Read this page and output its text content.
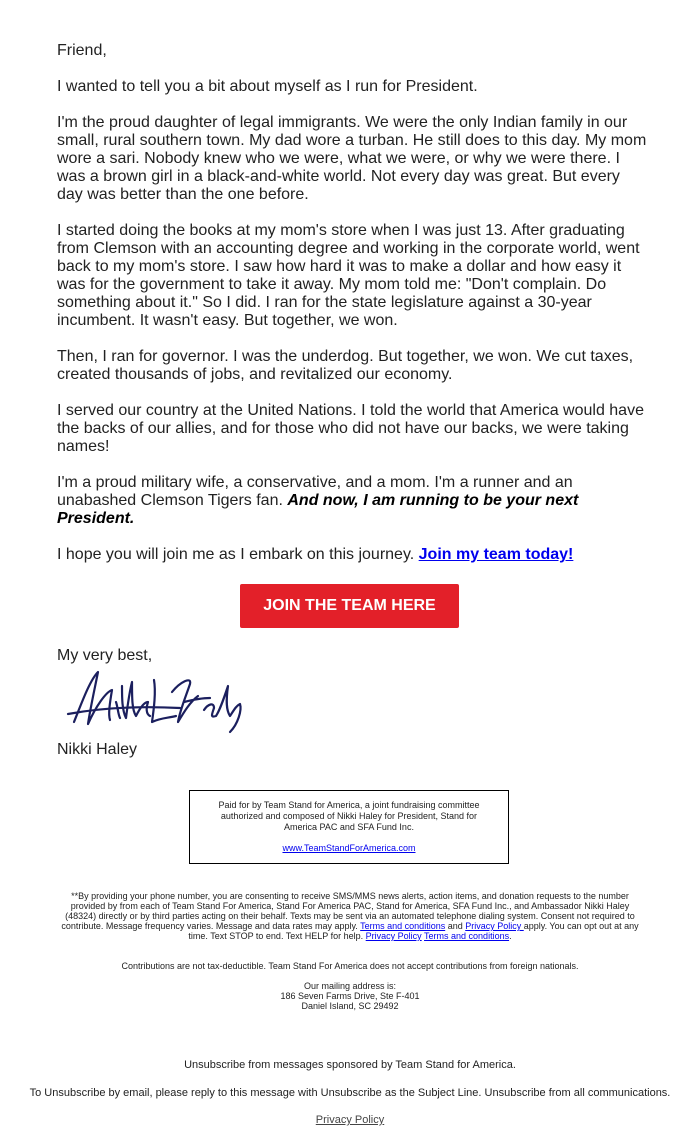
Friend,

I wanted to tell you a bit about myself as I run for President.

I'm the proud daughter of legal immigrants. We were the only Indian family in our small, rural southern town. My dad wore a turban. He still does to this day. My mom wore a sari. Nobody knew who we were, what we were, or why we were there. I was a brown girl in a black-and-white world. Not every day was great. But every day was better than the one before.

I started doing the books at my mom's store when I was just 13. After graduating from Clemson with an accounting degree and working in the corporate world, went back to my mom's store. I saw how hard it was to make a dollar and how easy it was for the government to take it away. My mom told me: "Don't complain. Do something about it." So I did. I ran for the state legislature against a 30-year incumbent. It wasn't easy. But together, we won.

Then, I ran for governor. I was the underdog. But together, we won. We cut taxes, created thousands of jobs, and revitalized our economy.

I served our country at the United Nations. I told the world that America would have the backs of our allies, and for those who did not have our backs, we were taking names!

I'm a proud military wife, a conservative, and a mom. I'm a runner and an unabashed Clemson Tigers fan. And now, I am running to be your next President.

I hope you will join me as I embark on this journey. Join my team today!

JOIN THE TEAM HERE
My very best,
Nikki Haley
Paid for by Team Stand for America, a joint fundraising committee authorized and composed of Nikki Haley for President, Stand for America PAC and SFA Fund Inc.
www.TeamStandForAmerica.com
**By providing your phone number, you are consenting to receive SMS/MMS news alerts, action items, and donation requests to the number provided by from each of Team Stand For America, Stand For America PAC, Stand for America, SFA Fund Inc., and Ambassador Nikki Haley (48324) directly or by third parties acting on their behalf. Texts may be sent via an automated telephone dialing system. Consent not required to contribute. Message frequency varies. Message and data rates may apply. Terms and conditions and Privacy Policy apply. You can opt out at any time. Text STOP to end. Text HELP for help. Privacy Policy Terms and conditions.
Contributions are not tax-deductible. Team Stand For America does not accept contributions from foreign nationals.
Our mailing address is:
186 Seven Farms Drive, Ste F-401
Daniel Island, SC 29492
Unsubscribe from messages sponsored by Team Stand for America.
To Unsubscribe by email, please reply to this message with Unsubscribe as the Subject Line. Unsubscribe from all communications.
Privacy Policy
